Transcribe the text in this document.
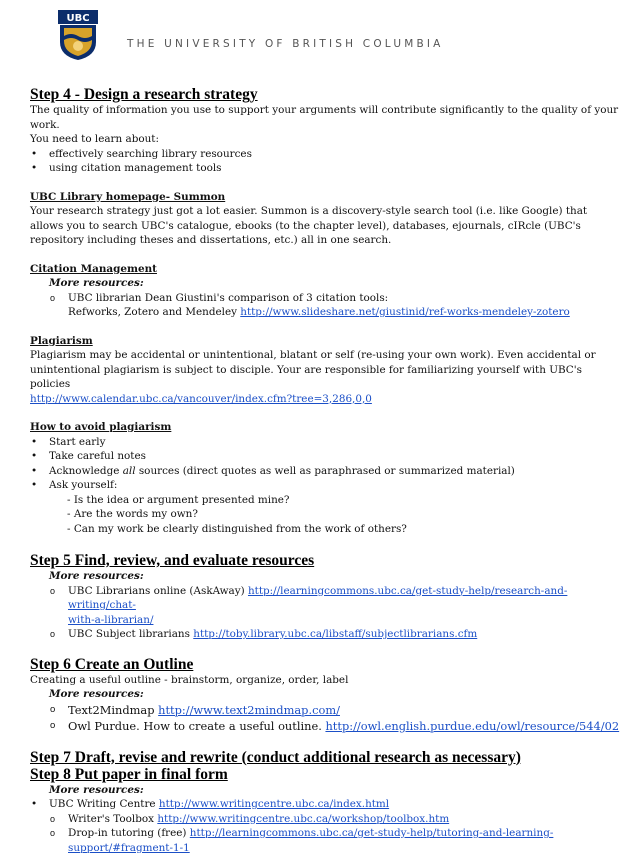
UBC
THE UNIVERSITY OF BRITISH COLUMBIA
Step 4 - Design a research strategy

The quality of information you use to support your arguments will contribute significantly to the quality of your work.

You need to learn about:

• effectively searching library resources
• using citation management tools

UBC Library homepage- Summon

Your research strategy just got a lot easier. Summon is a discovery-style search tool (i.e. like Google) that allows you to search UBC's catalogue, ebooks (to the chapter level), databases, ejournals, cIRcle (UBC's repository including theses and dissertations, etc.) all in one search.

Citation Management

More resources:

o UBC librarian Dean Giustini's comparison of 3 citation tools:
Refworks, Zotero and Mendeley http://www.slideshare.net/giustinid/ref-works-mendeley-zotero

Plagiarism

Plagiarism may be accidental or unintentional, blatant or self (re-using your own work). Even accidental or unintentional plagiarism is subject to disciple. Your are responsible for familiarizing yourself with UBC's policies

http://www.calendar.ubc.ca/vancouver/index.cfm?tree=3,286,0,0

How to avoid plagiarism

• Start early
• Take careful notes
• Acknowledge all sources (direct quotes as well as paraphrased or summarized material)
• Ask yourself:

- Is the idea or argument presented mine?

- Are the words my own?

- Can my work be clearly distinguished from the work of others?

Step 5 Find, review, and evaluate resources

More resources:

o UBC Librarians online (AskAway) http://learningcommons.ubc.ca/get-study-help/research-and-writing/chat-
with-a-librarian/
o UBC Subject librarians http://toby.library.ubc.ca/libstaff/subjectlibrarians.cfm
Step 6 Create an Outline

Creating a useful outline - brainstorm, organize, order, label

More resources:

o Text2Mindmap http://www.text2mindmap.com/
o Owl Purdue. How to create a useful outline. http://owl.english.purdue.edu/owl/resource/544/02
Step 7 Draft, revise and rewrite (conduct additional research as necessary)
Step 8 Put paper in final form

More resources:

• UBC Writing Centre http://www.writingcentre.ubc.ca/index.html
o Writer's Toolbox http://www.writingcentre.ubc.ca/workshop/toolbox.htm
o Drop-in tutoring (free) http://learningcommons.ubc.ca/get-study-help/tutoring-and-learning-
support/#fragment-1-1
